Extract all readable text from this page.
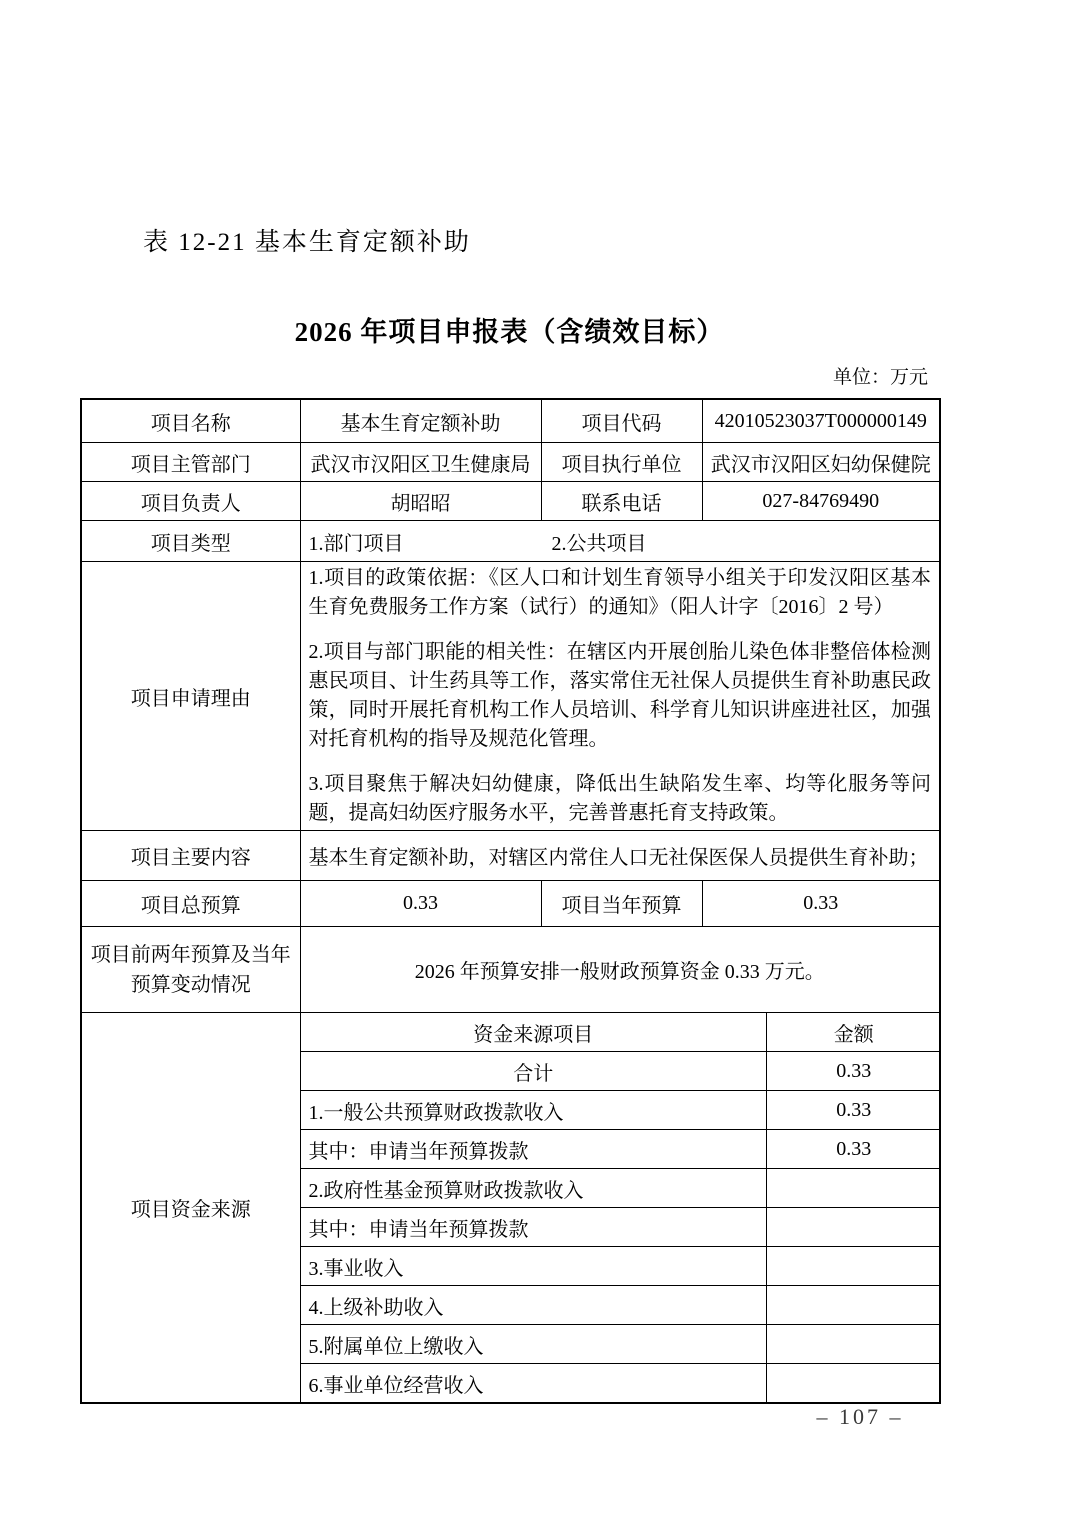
表 12-21 基本生育定额补助
2026 年项目申报表（含绩效目标）
单位：万元
项目名称	基本生育定额补助	项目代码	42010523037T000000149
项目主管部门	武汉市汉阳区卫生健康局	项目执行单位	武汉市汉阳区妇幼保健院
项目负责人	胡昭昭	联系电话	027-84769490
项目类型	1.部门项目	2.公共项目
项目申请理由	

1.项目的政策依据：《区人口和计划生育领导小组关于印发汉阳区基本生育免费服务工作方案（试行）的通知》（阳人计字〔2016〕2 号）

2.项目与部门职能的相关性：在辖区内开展创胎儿染色体非整倍体检测惠民项目、计生药具等工作，落实常住无社保人员提供生育补助惠民政策，同时开展托育机构工作人员培训、科学育儿知识讲座进社区，加强对托育机构的指导及规范化管理。

3.项目聚焦于解决妇幼健康，降低出生缺陷发生率、均等化服务等问题，提高妇幼医疗服务水平，完善普惠托育支持政策。

项目主要内容	基本生育定额补助，对辖区内常住人口无社保医保人员提供生育补助；
项目总预算	0.33	项目当年预算	0.33
项目前两年预算及当年预算变动情况	2026 年预算安排一般财政预算资金 0.33 万元。
项目资金来源	
资金来源项目	金额
合计	0.33
1.一般公共预算财政拨款收入	0.33
其中：申请当年预算拨款	0.33
2.政府性基金预算财政拨款收入	
其中：申请当年预算拨款	
3.事业收入	
4.上级补助收入	
5.附属单位上缴收入	
6.事业单位经营收入	
– 107 –
